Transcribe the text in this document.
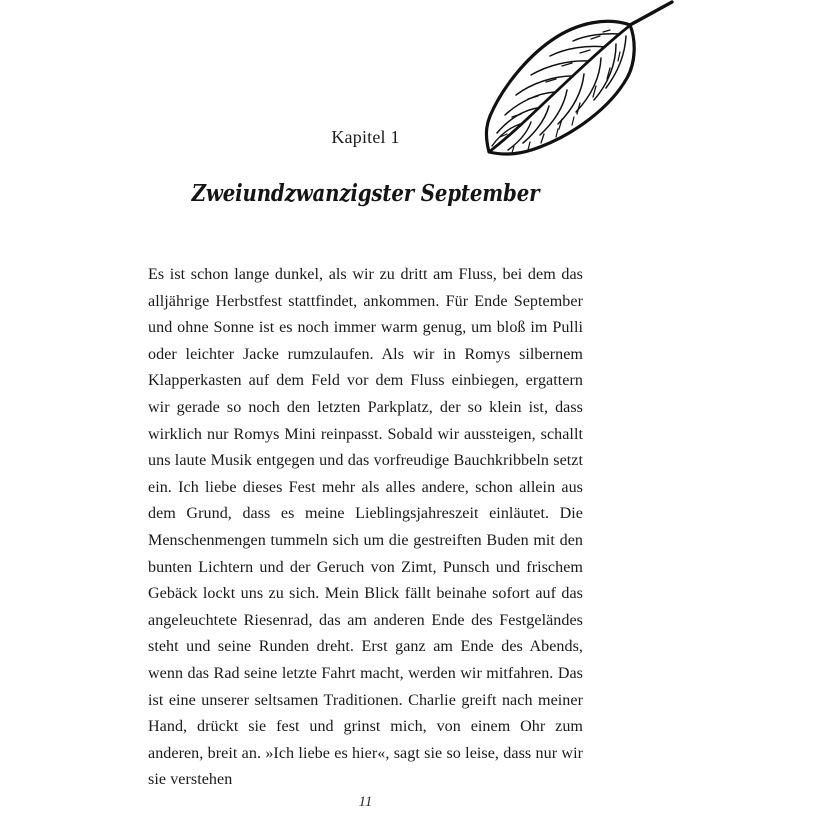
Kapitel 1
Zweiundzwanzigster September

Es ist schon lange dunkel, als wir zu dritt am Fluss, bei dem das alljährige Herbstfest stattfindet, ankommen. Für Ende September und ohne Sonne ist es noch immer warm genug, um bloß im Pulli oder leichter Jacke rumzulaufen. Als wir in Romys silbernem Klapperkasten auf dem Feld vor dem Fluss einbiegen, ergattern wir gerade so noch den letzten Parkplatz, der so klein ist, dass wirklich nur Romys Mini reinpasst. Sobald wir aussteigen, schallt uns laute Musik entgegen und das vorfreudige Bauchkribbeln setzt ein. Ich liebe dieses Fest mehr als alles andere, schon allein aus dem Grund, dass es meine Lieblingsjahreszeit einläutet. Die Menschenmengen tummeln sich um die gestreiften Buden mit den bunten Lichtern und der Geruch von Zimt, Punsch und frischem Gebäck lockt uns zu sich. Mein Blick fällt beinahe sofort auf das angeleuchtete Riesenrad, das am anderen Ende des Festgeländes steht und seine Runden dreht. Erst ganz am Ende des Abends, wenn das Rad seine letzte Fahrt macht, werden wir mitfahren. Das ist eine unserer seltsamen Traditionen. Charlie greift nach meiner Hand, drückt sie fest und grinst mich, von einem Ohr zum anderen, breit an. »Ich liebe es hier«, sagt sie so leise, dass nur wir sie verstehen

11
